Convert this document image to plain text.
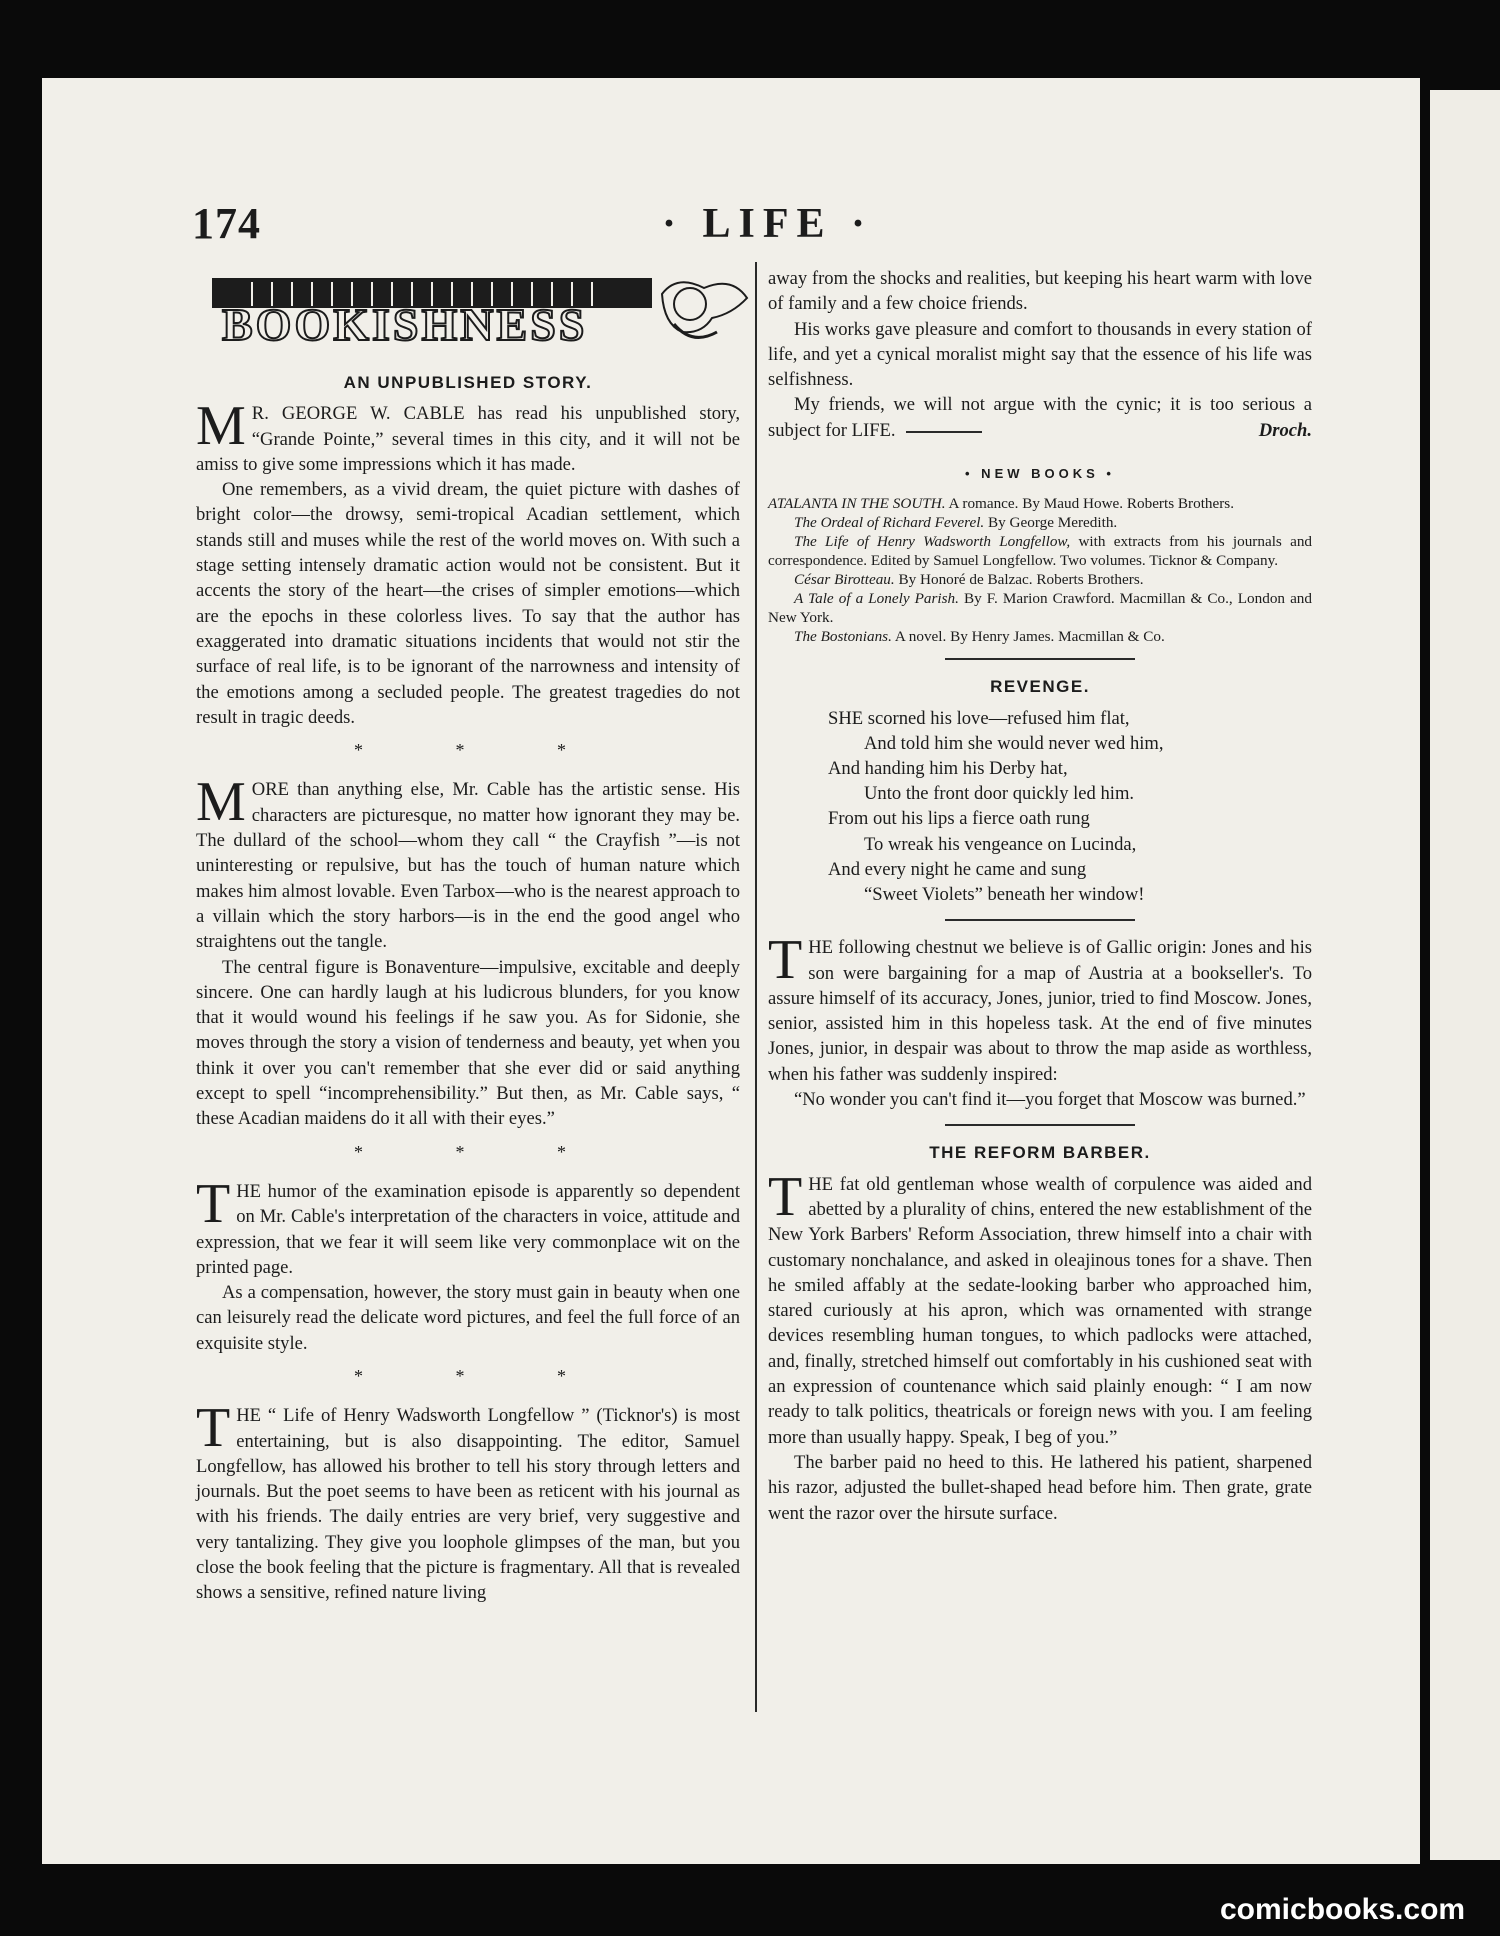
174	· LIFE ·
BOOKISHNESS
AN UNPUBLISHED STORY.

M R. GEORGE W. CABLE has read his unpublished story, “Grande Pointe,” several times in this city, and it will not be amiss to give some impressions which it has made.

One remembers, as a vivid dream, the quiet picture with dashes of bright color—the drowsy, semi-tropical Acadian settlement, which stands still and muses while the rest of the world moves on. With such a stage setting intensely dramatic action would not be consistent. But it accents the story of the heart—the crises of simpler emotions—which are the epochs in these colorless lives. To say that the author has exaggerated into dramatic situations incidents that would not stir the surface of real life, is to be ignorant of the narrowness and intensity of the emotions among a secluded people. The greatest tragedies do not result in tragic deeds.

* * *

MORE than anything else, Mr. Cable has the artistic sense. His characters are picturesque, no matter how ignorant they may be. The dullard of the school—whom they call “ the Crayfish ”—is not uninteresting or repulsive, but has the touch of human nature which makes him almost lovable. Even Tarbox—who is the nearest approach to a villain which the story harbors—is in the end the good angel who straightens out the tangle.

The central figure is Bonaventure—impulsive, excitable and deeply sincere. One can hardly laugh at his ludicrous blunders, for you know that it would wound his feelings if he saw you. As for Sidonie, she moves through the story a vision of tenderness and beauty, yet when you think it over you can't remember that she ever did or said anything except to spell “incomprehensibility.” But then, as Mr. Cable says, “ these Acadian maidens do it all with their eyes.”

* * *

THE humor of the examination episode is apparently so dependent on Mr. Cable's interpretation of the characters in voice, attitude and expression, that we fear it will seem like very commonplace wit on the printed page.

As a compensation, however, the story must gain in beauty when one can leisurely read the delicate word pictures, and feel the full force of an exquisite style.

* * *

THE “ Life of Henry Wadsworth Longfellow ” (Ticknor's) is most entertaining, but is also disappointing. The editor, Samuel Longfellow, has allowed his brother to tell his story through letters and journals. But the poet seems to have been as reticent with his journal as with his friends. The daily entries are very brief, very suggestive and very tantalizing. They give you loophole glimpses of the man, but you close the book feeling that the picture is fragmentary. All that is revealed shows a sensitive, refined nature living

away from the shocks and realities, but keeping his heart warm with love of family and a few choice friends.

His works gave pleasure and comfort to thousands in every station of life, and yet a cynical moralist might say that the essence of his life was selfishness.

My friends, we will not argue with the cynic; it is too serious a subject for LIFE.	Droch.

• NEW BOOKS •

ATALANTA IN THE SOUTH. A romance. By Maud Howe. Roberts Brothers.

The Ordeal of Richard Feverel. By George Meredith.

The Life of Henry Wadsworth Longfellow, with extracts from his journals and correspondence. Edited by Samuel Longfellow. Two volumes. Ticknor & Company.

César Birotteau. By Honoré de Balzac. Roberts Brothers.

A Tale of a Lonely Parish. By F. Marion Crawford. Macmillan & Co., London and New York.

The Bostonians. A novel. By Henry James. Macmillan & Co.

REVENGE.
SHE scorned his love—refused him flat,
And told him she would never wed him,
And handing him his Derby hat,
Unto the front door quickly led him.
From out his lips a fierce oath rung
To wreak his vengeance on Lucinda,
And every night he came and sung
“Sweet Violets” beneath her window!

THE following chestnut we believe is of Gallic origin: Jones and his son were bargaining for a map of Austria at a bookseller's. To assure himself of its accuracy, Jones, junior, tried to find Moscow. Jones, senior, assisted him in this hopeless task. At the end of five minutes Jones, junior, in despair was about to throw the map aside as worthless, when his father was suddenly inspired:

“No wonder you can't find it—you forget that Moscow was burned.”

THE REFORM BARBER.

THE fat old gentleman whose wealth of corpulence was aided and abetted by a plurality of chins, entered the new establishment of the New York Barbers' Reform Association, threw himself into a chair with customary nonchalance, and asked in oleajinous tones for a shave. Then he smiled affably at the sedate-looking barber who approached him, stared curiously at his apron, which was ornamented with strange devices resembling human tongues, to which padlocks were attached, and, finally, stretched himself out comfortably in his cushioned seat with an expression of countenance which said plainly enough: “ I am now ready to talk politics, theatricals or foreign news with you. I am feeling more than usually happy. Speak, I beg of you.”

The barber paid no heed to this. He lathered his patient, sharpened his razor, adjusted the bullet-shaped head before him. Then grate, grate went the razor over the hirsute surface.

comicbooks.com
